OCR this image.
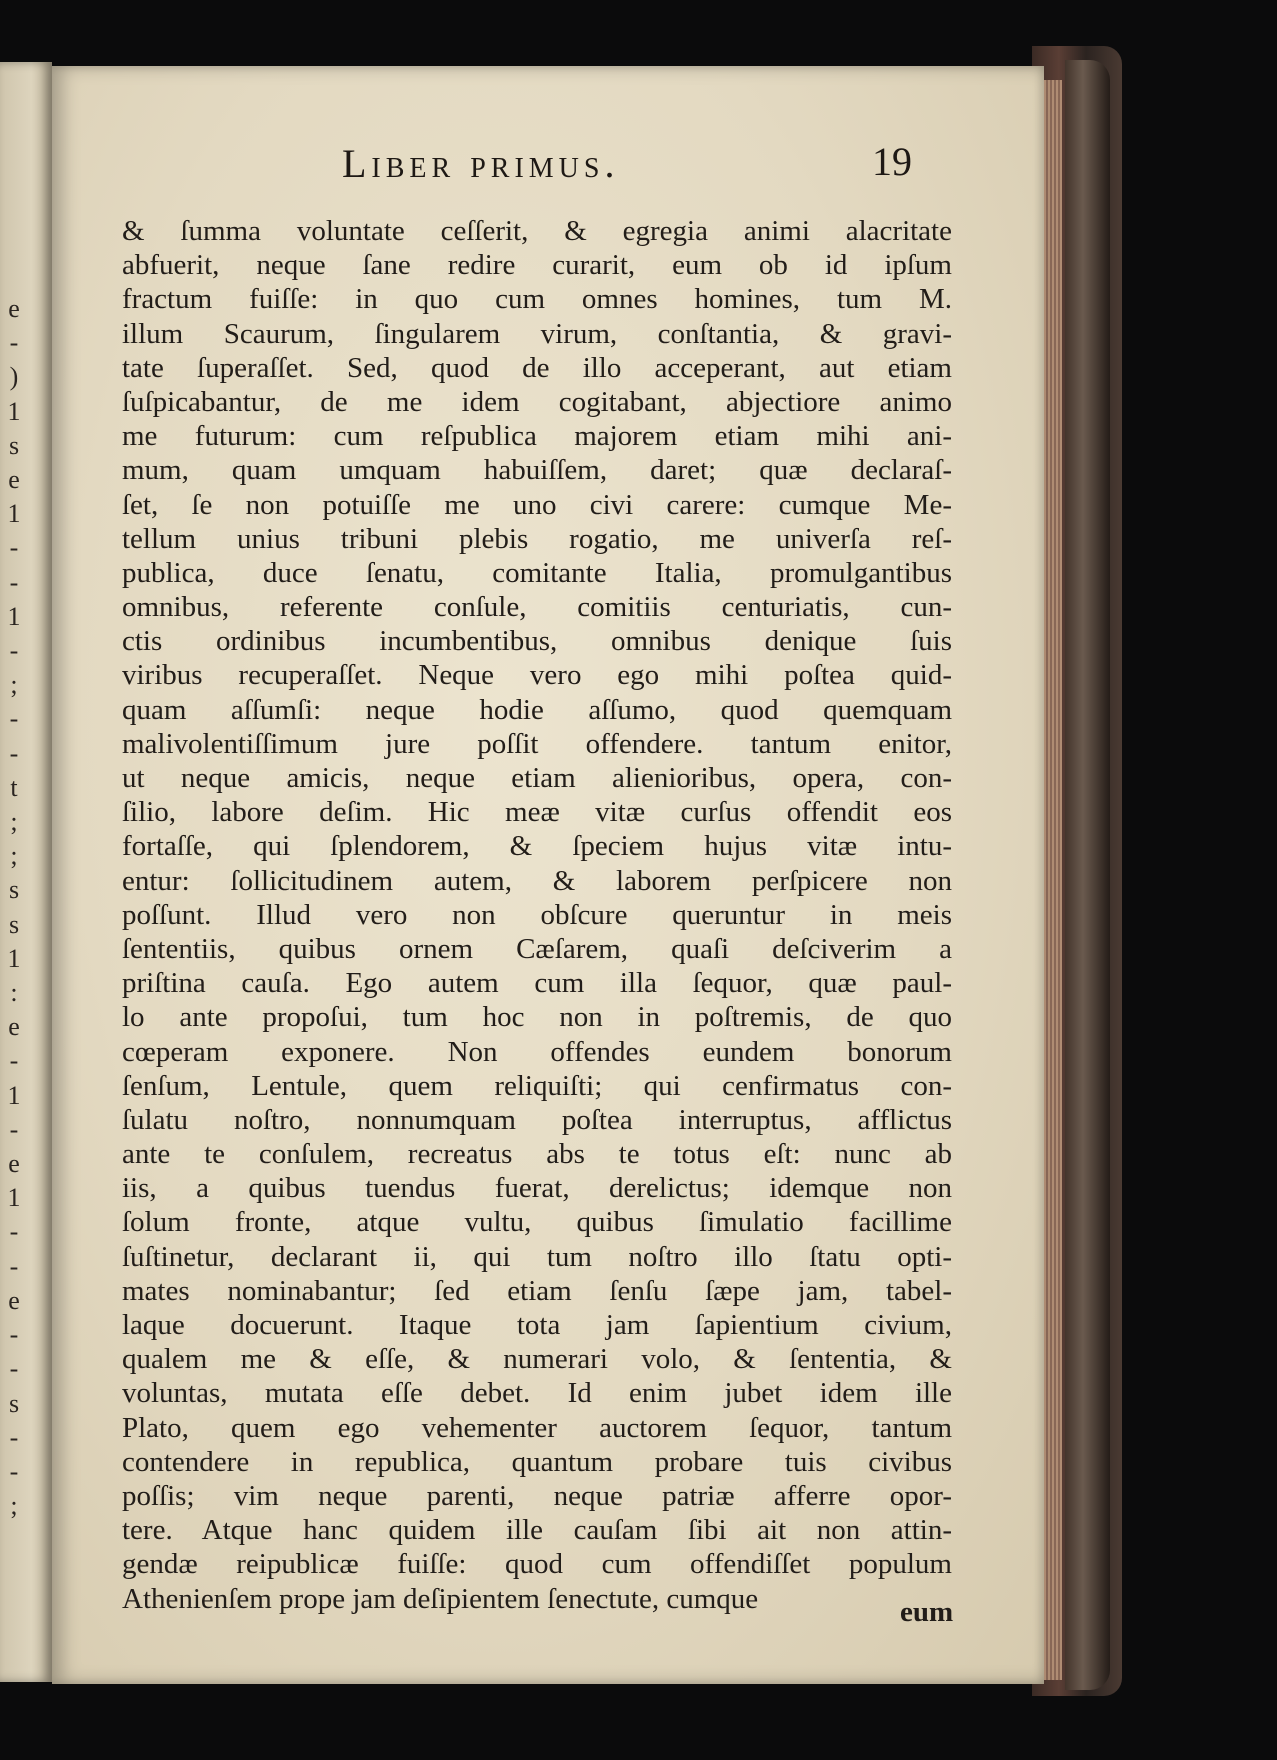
e
-
)
1
s
e
1
-
-
1
-
;
-
-
t
;
;
s
s
1
:
e
-
1
-
e
1
-
-
e
-
-
s
-
-
;
Liber primus.	19
& ſumma voluntate ceſſerit, & egregia animi alacritate
abfuerit, neque ſane redire curarit, eum ob id ipſum
fractum fuiſſe: in quo cum omnes homines, tum M.
illum Scaurum, ſingularem virum, conſtantia, & gravi-
tate ſuperaſſet. Sed, quod de illo acceperant, aut etiam
ſuſpicabantur, de me idem cogitabant, abjectiore animo
me futurum: cum reſpublica majorem etiam mihi ani-
mum, quam umquam habuiſſem, daret; quæ declaraſ-
ſet, ſe non potuiſſe me uno civi carere: cumque Me-
tellum unius tribuni plebis rogatio, me univerſa reſ-
publica, duce ſenatu, comitante Italia, promulgantibus
omnibus, referente conſule, comitiis centuriatis, cun-
ctis ordinibus incumbentibus, omnibus denique ſuis
viribus recuperaſſet. Neque vero ego mihi poſtea quid-
quam aſſumſi: neque hodie aſſumo, quod quemquam
malivolentiſſimum jure poſſit offendere. tantum enitor,
ut neque amicis, neque etiam alienioribus, opera, con-
ſilio, labore deſim. Hic meæ vitæ curſus offendit eos
fortaſſe, qui ſplendorem, & ſpeciem hujus vitæ intu-
entur: ſollicitudinem autem, & laborem perſpicere non
poſſunt. Illud vero non obſcure queruntur in meis
ſententiis, quibus ornem Cæſarem, quaſi deſciverim a
priſtina cauſa. Ego autem cum illa ſequor, quæ paul-
lo ante propoſui, tum hoc non in poſtremis, de quo
cœperam exponere. Non offendes eundem bonorum
ſenſum, Lentule, quem reliquiſti; qui cenfirmatus con-
ſulatu noſtro, nonnumquam poſtea interruptus, afflictus
ante te conſulem, recreatus abs te totus eſt: nunc ab
iis, a quibus tuendus fuerat, derelictus; idemque non
ſolum fronte, atque vultu, quibus ſimulatio facillime
ſuſtinetur, declarant ii, qui tum noſtro illo ſtatu opti-
mates nominabantur; ſed etiam ſenſu ſæpe jam, tabel-
laque docuerunt. Itaque tota jam ſapientium civium,
qualem me & eſſe, & numerari volo, & ſententia, &
voluntas, mutata eſſe debet. Id enim jubet idem ille
Plato, quem ego vehementer auctorem ſequor, tantum
contendere in republica, quantum probare tuis civibus
poſſis; vim neque parenti, neque patriæ afferre opor-
tere. Atque hanc quidem ille cauſam ſibi ait non attin-
gendæ reipublicæ fuiſſe: quod cum offendiſſet populum
Athenienſem prope jam deſipientem ſenectute, cumque	eum
